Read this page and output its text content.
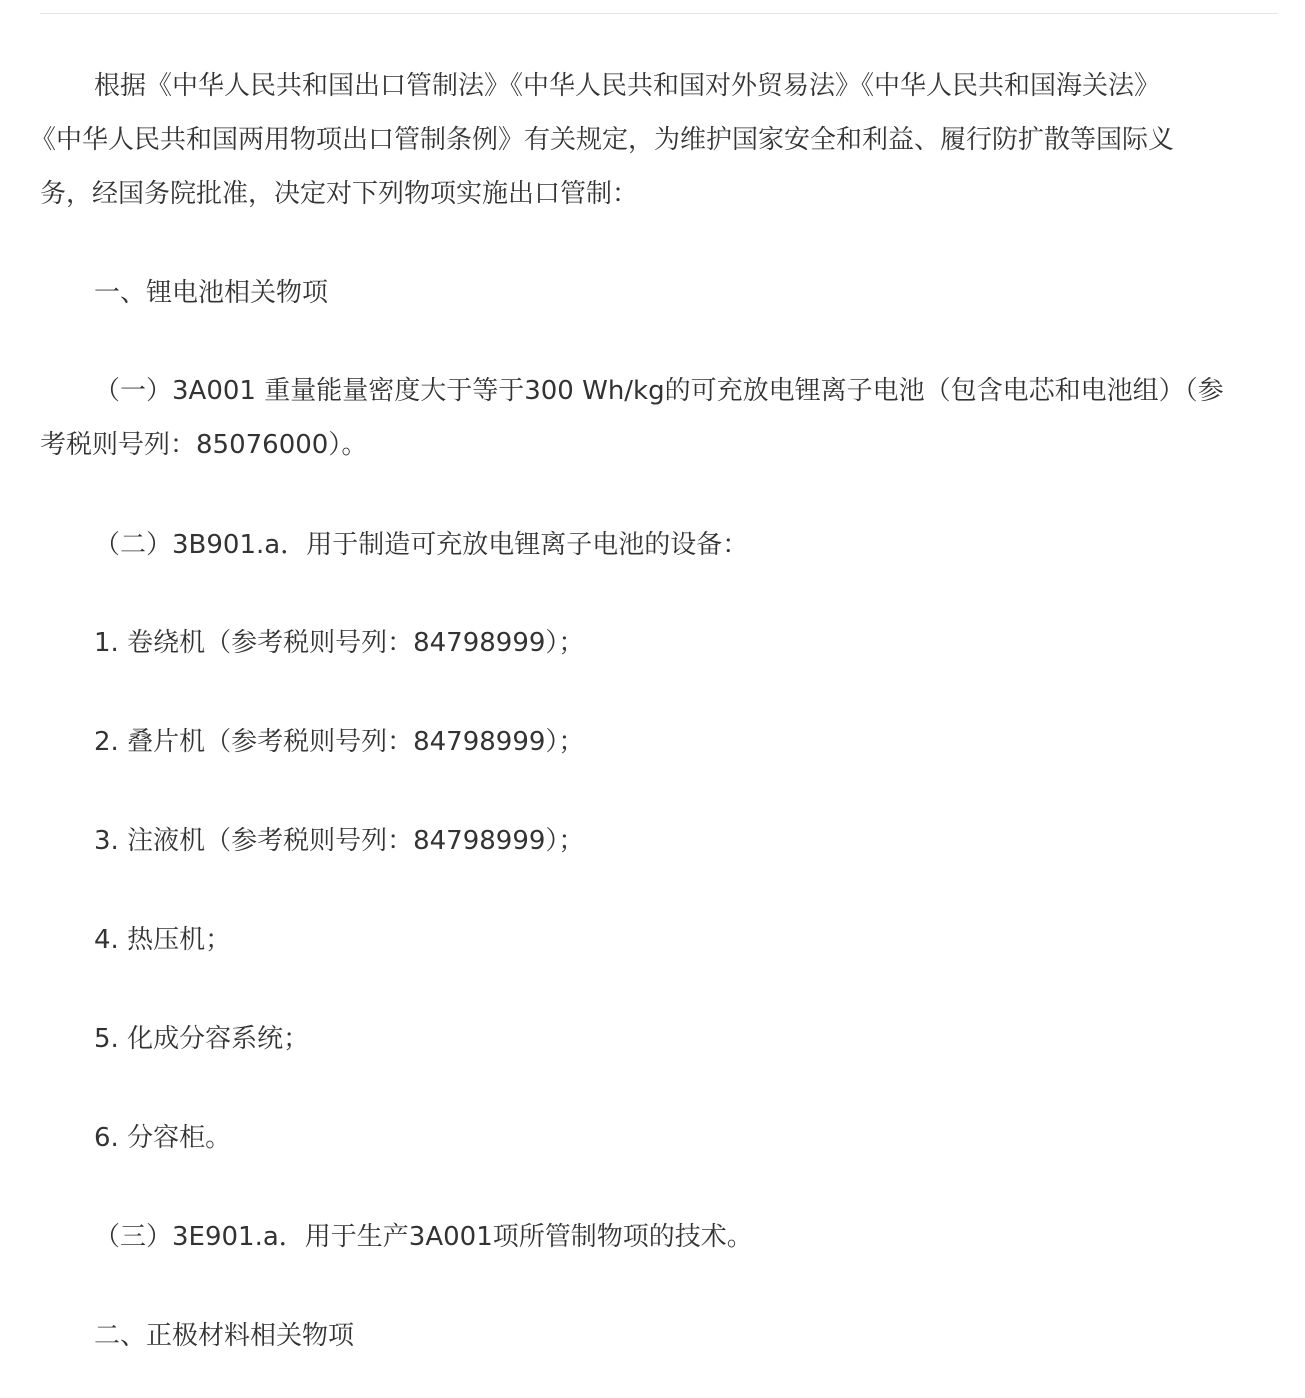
根据《中华人民共和国出口管制法》《中华人民共和国对外贸易法》《中华人民共和国海关法》
《中华人民共和国两用物项出口管制条例》有关规定，为维护国家安全和利益、履行防扩散等国际义
务，经国务院批准，决定对下列物项实施出口管制：
一、锂电池相关物项
（一）3A001 重量能量密度大于等于300 Wh/kg的可充放电锂离子电池（包含电芯和电池组）（参
考税则号列：85076000）。
（二）3B901.a．用于制造可充放电锂离子电池的设备：
1. 卷绕机（参考税则号列：84798999）；
2. 叠片机（参考税则号列：84798999）；
3. 注液机（参考税则号列：84798999）；
4. 热压机；
5. 化成分容系统；
6. 分容柜。
（三）3E901.a．用于生产3A001项所管制物项的技术。
二、正极材料相关物项
